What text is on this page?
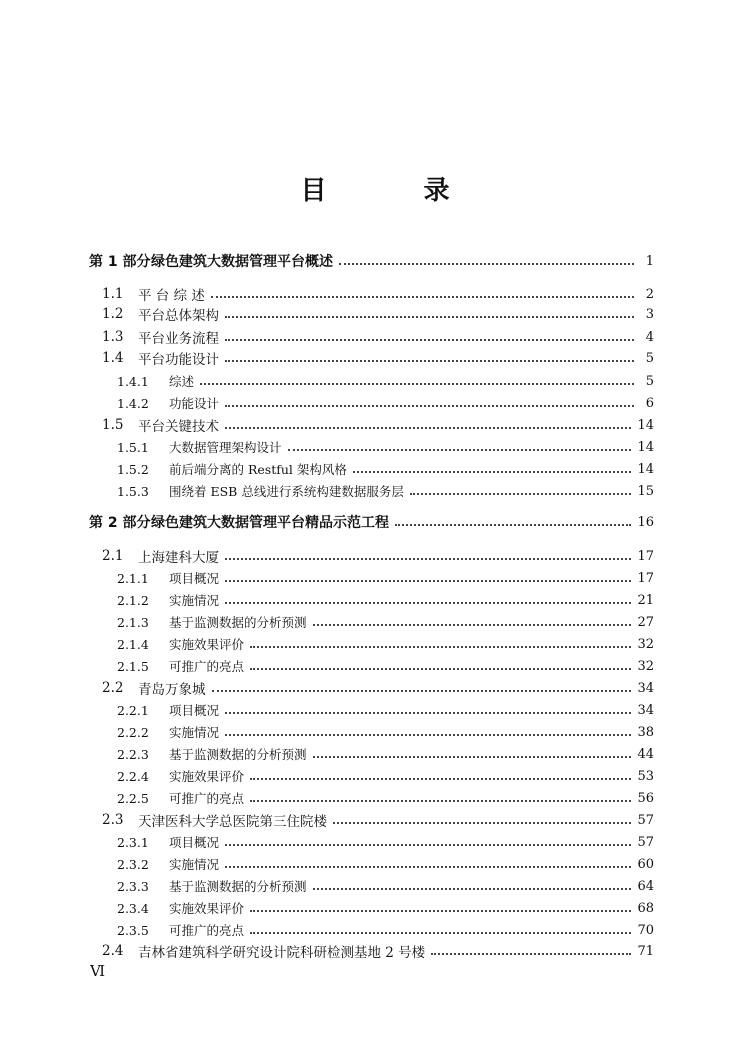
目 录
第 1 部分 绿色建筑大数据管理平台概述	1
1.1	平 台 综 述	2
1.2	平台总体架构	3
1.3	平台业务流程	4
1.4	平台功能设计	5
1.4.1	综述	5
1.4.2	功能设计	6
1.5	平台关键技术	14
1.5.1	大数据管理架构设计	14
1.5.2	前后端分离的 Restful 架构风格	14
1.5.3	围绕着 ESB 总线进行系统构建数据服务层	15
第 2 部分 绿色建筑大数据管理平台精品示范工程	16
2.1	上海建科大厦	17
2.1.1	项目概况	17
2.1.2	实施情况	21
2.1.3	基于监测数据的分析预测	27
2.1.4	实施效果评价	32
2.1.5	可推广的亮点	32
2.2	青岛万象城	34
2.2.1	项目概况	34
2.2.2	实施情况	38
2.2.3	基于监测数据的分析预测	44
2.2.4	实施效果评价	53
2.2.5	可推广的亮点	56
2.3	天津医科大学总医院第三住院楼	57
2.3.1	项目概况	57
2.3.2	实施情况	60
2.3.3	基于监测数据的分析预测	64
2.3.4	实施效果评价	68
2.3.5	可推广的亮点	70
2.4	吉林省建筑科学研究设计院科研检测基地 2 号楼	71
Ⅵ
